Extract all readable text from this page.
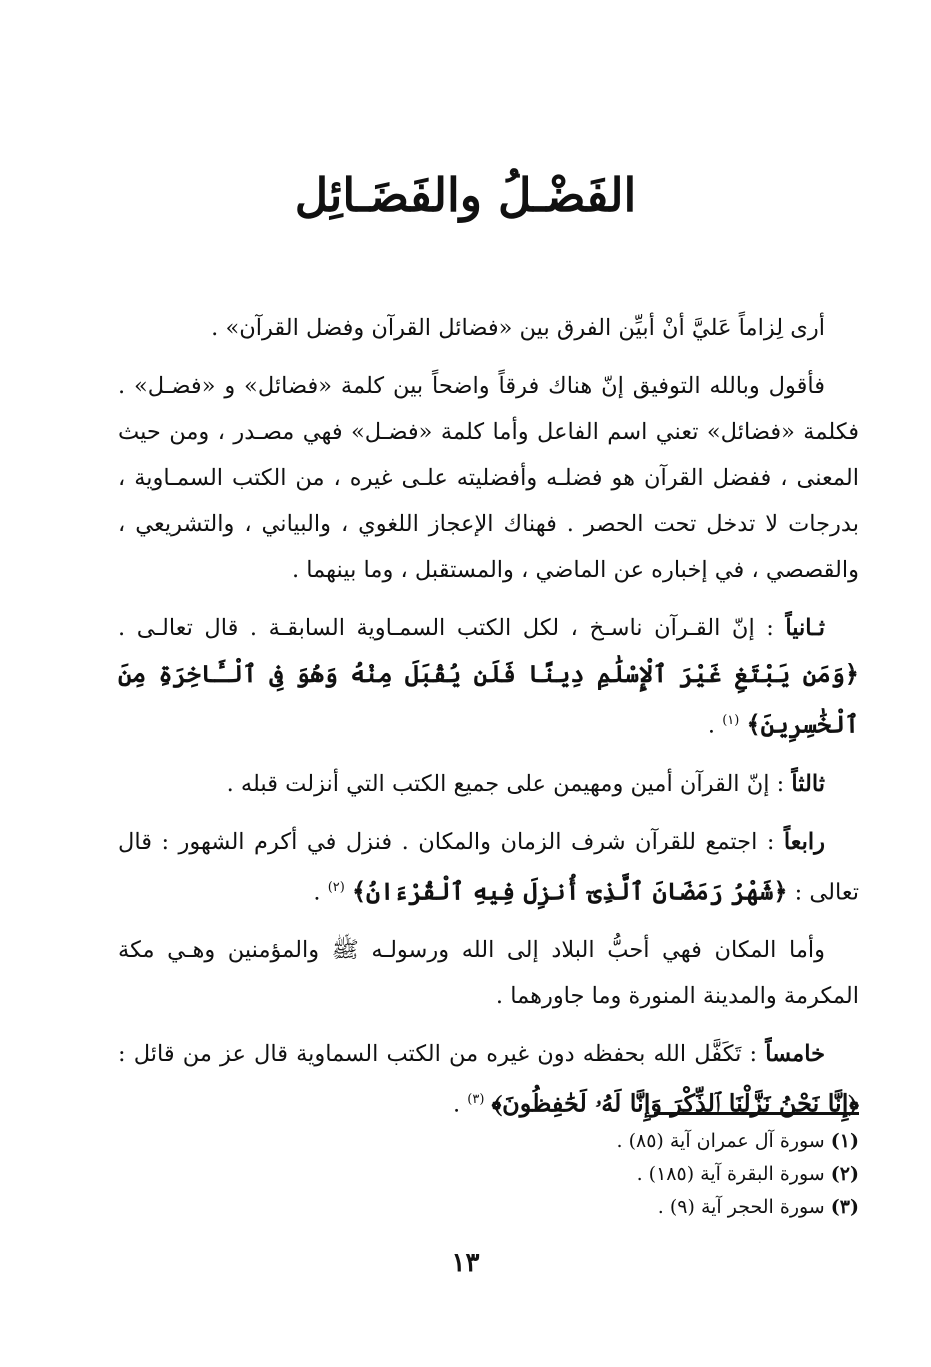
الفَضْـلُ والفَضَـائِل

أرى لِزاماً عَليَّ أنْ أبيِّن الفرق بين «فضائل القرآن وفضل القرآن» .

فأقول وبالله التوفيق إنّ هناك فرقاً واضحاً بين كلمة «فضائل» و «فضـل» . فكلمة «فضائل» تعني اسم الفاعل وأما كلمة «فضـل» فهي مصـدر ، ومن حيث المعنى ، ففضل القرآن هو فضلـه وأفضليته علـى غيره ، من الكتب السمـاوية ، بدرجات لا تدخل تحت الحصر . فهناك الإعجاز اللغوي ، والبياني ، والتشريعي ، والقصصي ، في إخباره عن الماضي ، والمستقبل ، وما بينهما .

ثـانياً : إنّ القـرآن ناسـخ ، لكل الكتب السمـاوية السابقـة . قال تعالـى . ﴿وَمَن يَبْتَغِ غَيْرَ ٱلْإِسْلَٰمِ دِينًا فَلَن يُقْبَلَ مِنْهُ وَهُوَ فِى ٱلْـَٔاخِرَةِ مِنَ ٱلْخَٰسِرِينَ﴾ $^{(١)}$ .

ثالثاً : إنّ القرآن أمين ومهيمن على جميع الكتب التي أنزلت قبله .

رابعاً : اجتمع للقرآن شرف الزمان والمكان . فنزل في أكرم الشهور : قال تعالى : ﴿شَهْرُ رَمَضَانَ ٱلَّذِىٓ أُنزِلَ فِيهِ ٱلْقُرْءَانُ﴾ $^{(٢)}$ .

وأما المكان فهي أحبُّ البلاد إلى الله ورسولـه ﷺ والمؤمنين وهـي مكة المكرمة والمدينة المنورة وما جاورهما .

خامساً : تَكَفَّل الله بحفظه دون غيره من الكتب السماوية قال عز من قائل : ﴿إِنَّا نَحْنُ نَزَّلْنَا ٱلذِّكْرَ وَإِنَّا لَهُۥ لَحَٰفِظُونَ﴾ $^{(٣)}$ .

(١) سورة آل عمران آية (٨٥) .
(٢) سورة البقرة آية (١٨٥) .
(٣) سورة الحجر آية (٩) .
١٣
